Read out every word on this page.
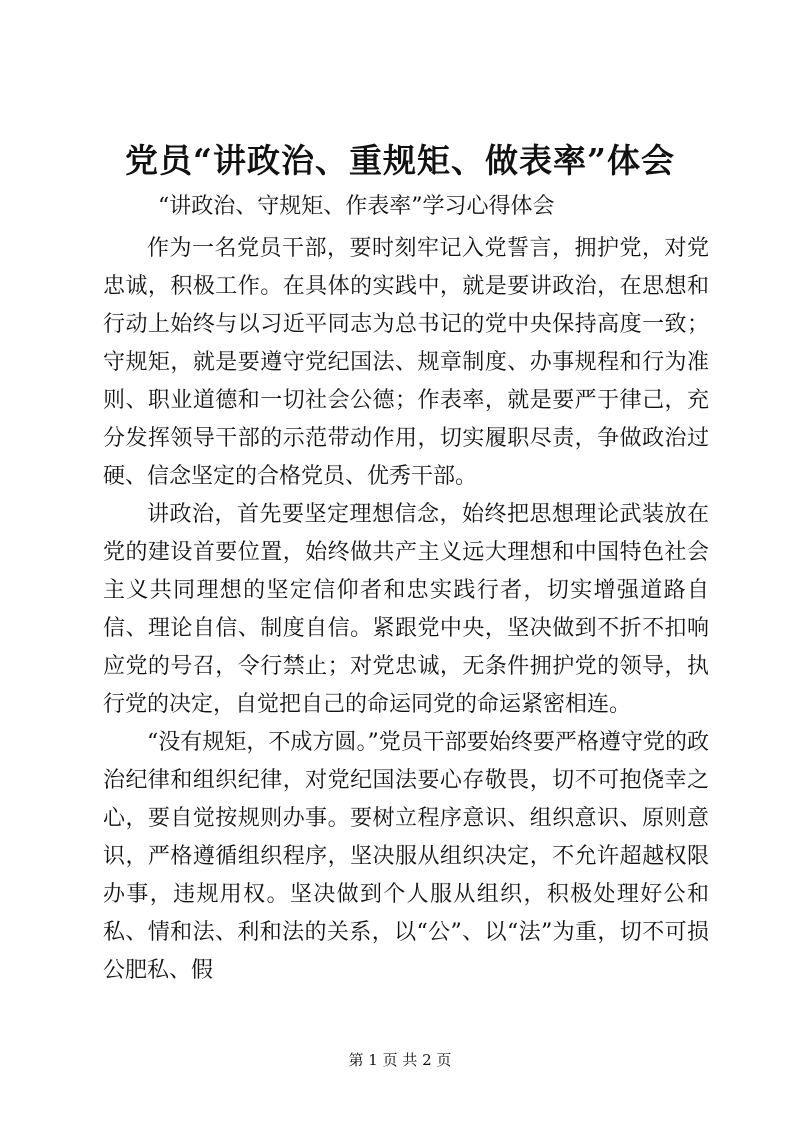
党员“讲政治、重规矩、做表率”体会
“讲政治、守规矩、作表率”学习心得体会

作为一名党员干部，要时刻牢记入党誓言，拥护党，对党忠诚，积极工作。在具体的实践中，就是要讲政治，在思想和行动上始终与以习近平同志为总书记的党中央保持高度一致；守规矩，就是要遵守党纪国法、规章制度、办事规程和行为准则、职业道德和一切社会公德；作表率，就是要严于律己，充分发挥领导干部的示范带动作用，切实履职尽责，争做政治过硬、信念坚定的合格党员、优秀干部。

讲政治，首先要坚定理想信念，始终把思想理论武装放在党的建设首要位置，始终做共产主义远大理想和中国特色社会主义共同理想的坚定信仰者和忠实践行者，切实增强道路自信、理论自信、制度自信。紧跟党中央，坚决做到不折不扣响应党的号召，令行禁止；对党忠诚，无条件拥护党的领导，执行党的决定，自觉把自己的命运同党的命运紧密相连。

“没有规矩，不成方圆。”党员干部要始终要严格遵守党的政治纪律和组织纪律，对党纪国法要心存敬畏，切不可抱侥幸之心，要自觉按规则办事。要树立程序意识、组织意识、原则意识，严格遵循组织程序，坚决服从组织决定，不允许超越权限办事，违规用权。坚决做到个人服从组织，积极处理好公和私、情和法、利和法的关系，以“公”、以“法”为重，切不可损公肥私、假

第 1 页 共 2 页
